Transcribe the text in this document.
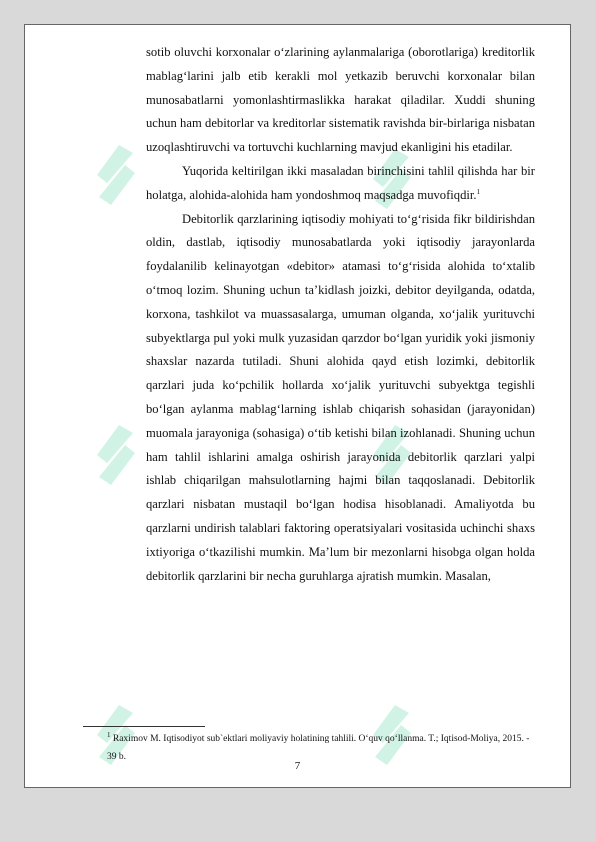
sotib oluvchi korxonalar o‘zlarining aylanmalariga (oborotlariga) kreditorlik mablag‘larini jalb etib kerakli mol yetkazib beruvchi korxonalar bilan munosabatlarni yomonlashtirmaslikka harakat qiladilar. Xuddi shuning uchun ham debitorlar va kreditorlar sistematik ravishda bir-birlariga nisbatan uzoqlashtiruvchi va tortuvchi kuchlarning mavjud ekanligini his etadilar.

Yuqorida keltirilgan ikki masaladan birinchisini tahlil qilishda har bir holatga, alohida-alohida ham yondoshmoq maqsadga muvofiqdir.$^1$

Debitorlik qarzlarining iqtisodiy mohiyati to‘g‘risida fikr bildirishdan oldin, dastlab, iqtisodiy munosabatlarda yoki iqtisodiy jarayonlarda foydalanilib kelinayotgan «debitor» atamasi to‘g‘risida alohida to‘xtalib o‘tmoq lozim. Shuning uchun ta’kidlash joizki, debitor deyilganda, odatda, korxona, tashkilot va muassasalarga, umuman olganda, xo‘jalik yurituvchi subyektlarga pul yoki mulk yuzasidan qarzdor bo‘lgan yuridik yoki jismoniy shaxslar nazarda tutiladi. Shuni alohida qayd etish lozimki, debitorlik qarzlari juda ko‘pchilik hollarda xo‘jalik yurituvchi subyektga tegishli bo‘lgan aylanma mablag‘larning ishlab chiqarish sohasidan (jarayonidan) muomala jarayoniga (sohasiga) o‘tib ketishi bilan izohlanadi. Shuning uchun ham tahlil ishlarini amalga oshirish jarayonida debitorlik qarzlari yalpi ishlab chiqarilgan mahsulotlarning hajmi bilan taqqoslanadi. Debitorlik qarzlari nisbatan mustaqil bo‘lgan hodisa hisoblanadi. Amaliyotda bu qarzlarni undirish talablari faktoring operatsiyalari vositasida uchinchi shaxs ixtiyoriga o‘tkazilishi mumkin. Ma’lum bir mezonlarni hisobga olgan holda debitorlik qarzlarini bir necha guruhlarga ajratish mumkin. Masalan,

$^1$ Raximov M. Iqtisodiyot sub`ektlari moliyaviy holatining tahlili. O‘quv qo‘llanma. T.; Iqtisod-Moliya, 2015. - 39 b.
7
